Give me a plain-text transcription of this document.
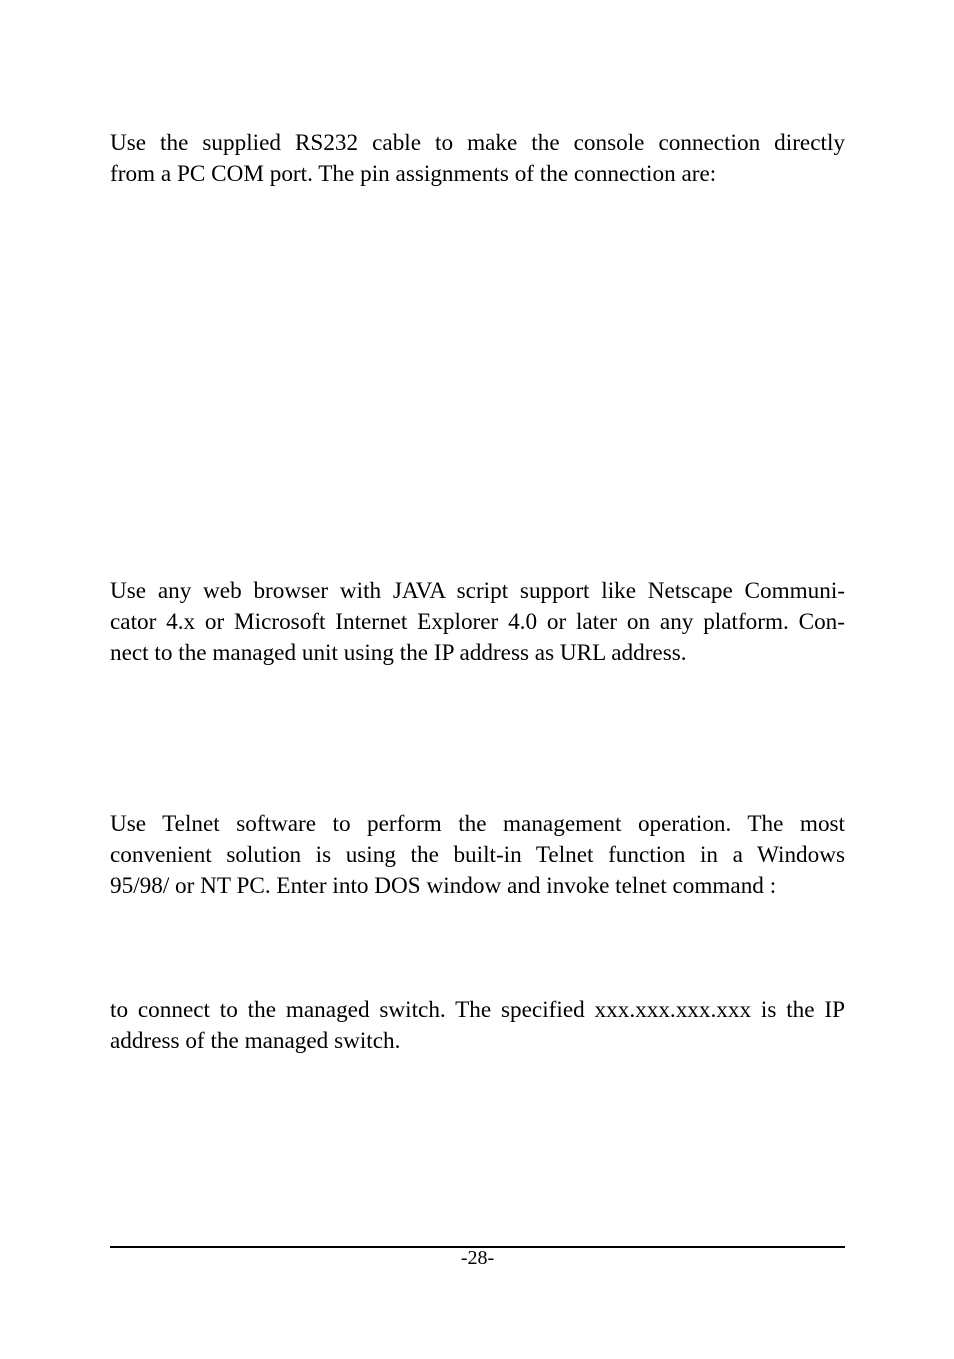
Use the supplied RS232 cable to make the console connection directly
from a PC COM port. The pin assignments of the connection are:
Use any web browser with JAVA script support like Netscape Communi-
cator 4.x or Microsoft Internet Explorer 4.0 or later on any platform. Con-
nect to the managed unit using the IP address as URL address.
Use Telnet software to perform the management operation. The most
convenient solution is using the built-in Telnet function in a Windows
95/98/ or NT PC. Enter into DOS window and invoke telnet command :
to connect to the managed switch. The specified xxx.xxx.xxx.xxx is the IP
address of the managed switch.
-28-
